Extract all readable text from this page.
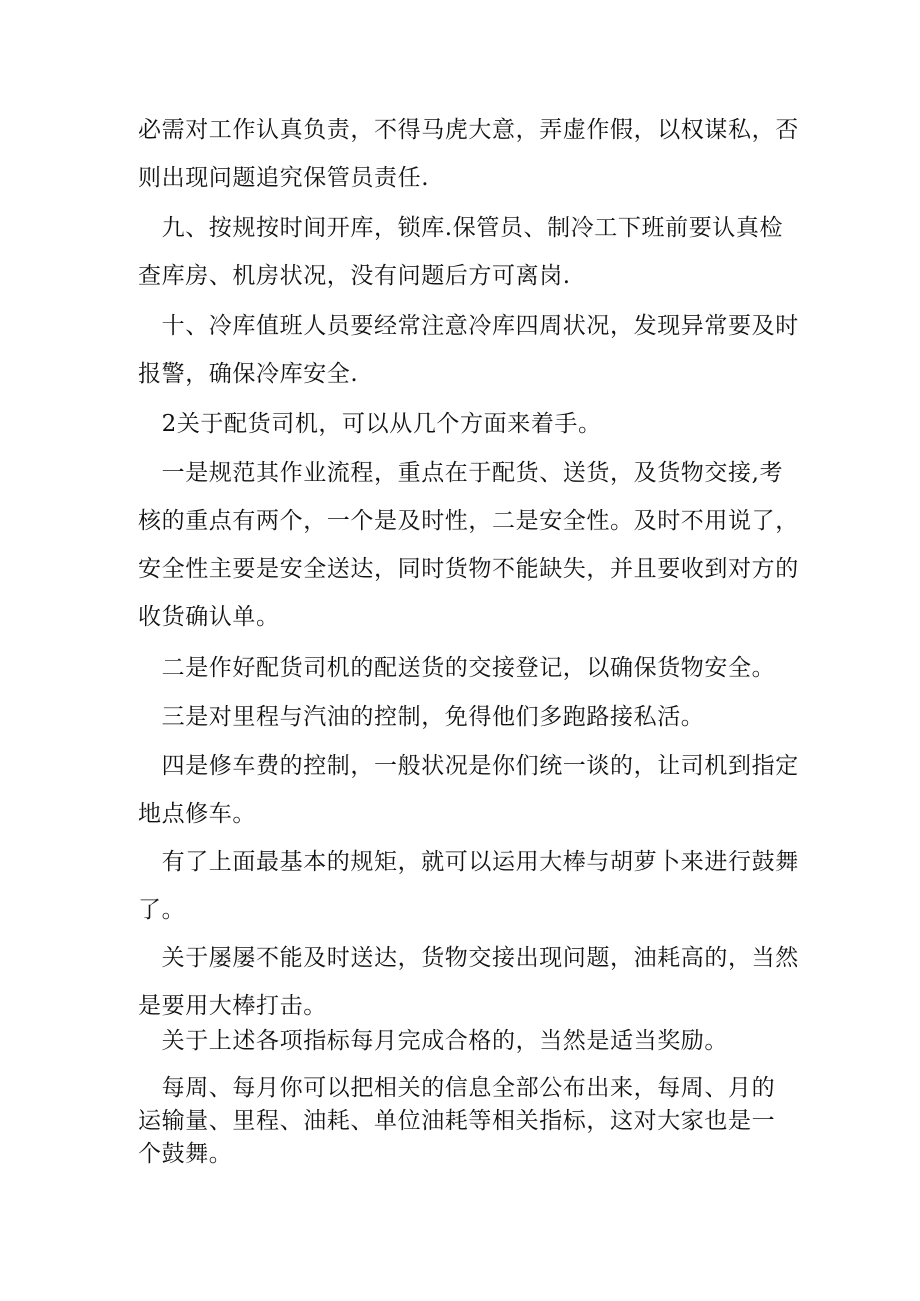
必需对工作认真负责，不得马虎大意，弄虚作假，以权谋私，否
则出现问题追究保管员责任.

　九、按规按时间开库，锁库.保管员、制冷工下班前要认真检
查库房、机房状况，没有问题后方可离岗.

　十、冷库值班人员要经常注意冷库四周状况，发现异常要及时
报警，确保冷库安全.

　2关于配货司机，可以从几个方面来着手。

　一是规范其作业流程，重点在于配货、送货，及货物交接,考
核的重点有两个，一个是及时性，二是安全性。及时不用说了，
安全性主要是安全送达，同时货物不能缺失，并且要收到对方的
收货确认单。

　二是作好配货司机的配送货的交接登记，以确保货物安全。

　三是对里程与汽油的控制，免得他们多跑路接私活。

　四是修车费的控制，一般状况是你们统一谈的，让司机到指定
地点修车。

　有了上面最基本的规矩，就可以运用大棒与胡萝卜来进行鼓舞
了。

　关于屡屡不能及时送达，货物交接出现问题，油耗高的，当然
是要用大棒打击。

　关于上述各项指标每月完成合格的，当然是适当奖励。

　每周、每月你可以把相关的信息全部公布出来，每周、月的
运输量、里程、油耗、单位油耗等相关指标，这对大家也是一
个鼓舞。
